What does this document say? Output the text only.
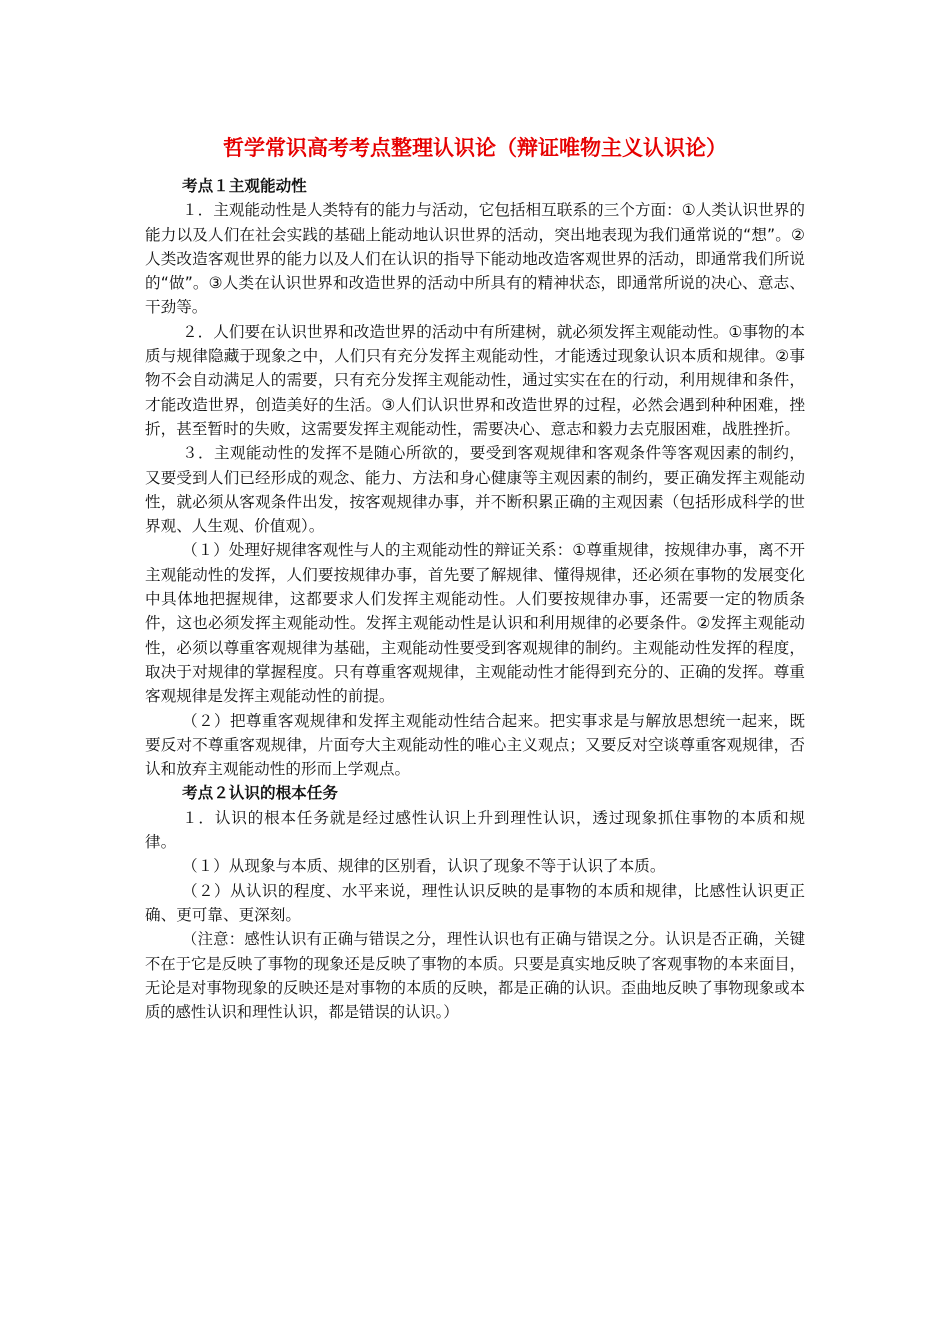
哲学常识高考考点整理认识论（辩证唯物主义认识论）

考点１主观能动性

１．主观能动性是人类特有的能力与活动，它包括相互联系的三个方面：①人类认识世界的能力以及人们在社会实践的基础上能动地认识世界的活动，突出地表现为我们通常说的“想”。②人类改造客观世界的能力以及人们在认识的指导下能动地改造客观世界的活动，即通常我们所说的“做”。③人类在认识世界和改造世界的活动中所具有的精神状态，即通常所说的决心、意志、干劲等。

２．人们要在认识世界和改造世界的活动中有所建树，就必须发挥主观能动性。①事物的本质与规律隐藏于现象之中，人们只有充分发挥主观能动性，才能透过现象认识本质和规律。②事物不会自动满足人的需要，只有充分发挥主观能动性，通过实实在在的行动，利用规律和条件，才能改造世界，创造美好的生活。③人们认识世界和改造世界的过程，必然会遇到种种困难，挫折，甚至暂时的失败，这需要发挥主观能动性，需要决心、意志和毅力去克服困难，战胜挫折。

３．主观能动性的发挥不是随心所欲的，要受到客观规律和客观条件等客观因素的制约，又要受到人们已经形成的观念、能力、方法和身心健康等主观因素的制约，要正确发挥主观能动性，就必须从客观条件出发，按客观规律办事，并不断积累正确的主观因素（包括形成科学的世界观、人生观、价值观）。

（１）处理好规律客观性与人的主观能动性的辩证关系：①尊重规律，按规律办事，离不开主观能动性的发挥，人们要按规律办事，首先要了解规律、懂得规律，还必须在事物的发展变化中具体地把握规律，这都要求人们发挥主观能动性。人们要按规律办事，还需要一定的物质条件，这也必须发挥主观能动性。发挥主观能动性是认识和利用规律的必要条件。②发挥主观能动性，必须以尊重客观规律为基础，主观能动性要受到客观规律的制约。主观能动性发挥的程度，取决于对规律的掌握程度。只有尊重客观规律，主观能动性才能得到充分的、正确的发挥。尊重客观规律是发挥主观能动性的前提。

（２）把尊重客观规律和发挥主观能动性结合起来。把实事求是与解放思想统一起来，既要反对不尊重客观规律，片面夸大主观能动性的唯心主义观点；又要反对空谈尊重客观规律，否认和放弃主观能动性的形而上学观点。

考点２认识的根本任务

１．认识的根本任务就是经过感性认识上升到理性认识，透过现象抓住事物的本质和规律。

（１）从现象与本质、规律的区别看，认识了现象不等于认识了本质。

（２）从认识的程度、水平来说，理性认识反映的是事物的本质和规律，比感性认识更正确、更可靠、更深刻。

（注意：感性认识有正确与错误之分，理性认识也有正确与错误之分。认识是否正确，关键不在于它是反映了事物的现象还是反映了事物的本质。只要是真实地反映了客观事物的本来面目，无论是对事物现象的反映还是对事物的本质的反映，都是正确的认识。歪曲地反映了事物现象或本质的感性认识和理性认识，都是错误的认识。）
